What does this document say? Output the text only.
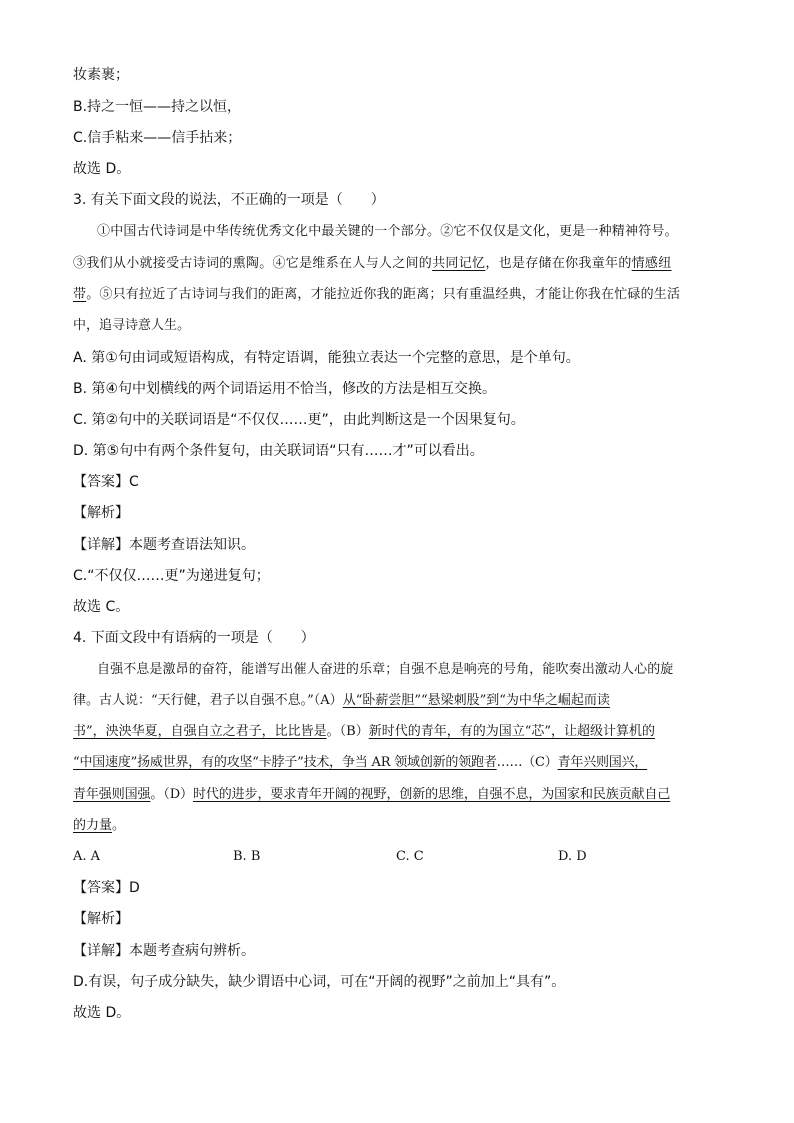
妆素裹；
B.持之一恒——持之以恒，
C.信手粘来——信手拈来；
故选 D。
3. 有关下面文段的说法，不正确的一项是（　　）
①中国古代诗词是中华传统优秀文化中最关键的一个部分。②它不仅仅是文化，更是一种精神符号。
③我们从小就接受古诗词的熏陶。④它是维系在人与人之间的共同记忆，也是存储在你我童年的情感纽
带。⑤只有拉近了古诗词与我们的距离，才能拉近你我的距离；只有重温经典，才能让你我在忙碌的生活
中，追寻诗意人生。
A. 第①句由词或短语构成，有特定语调，能独立表达一个完整的意思，是个单句。
B. 第④句中划横线的两个词语运用不恰当，修改的方法是相互交换。
C. 第②句中的关联词语是“不仅仅……更”，由此判断这是一个因果复句。
D. 第⑤句中有两个条件复句，由关联词语“只有……才”可以看出。
【答案】C
【解析】
【详解】本题考查语法知识。
C.“不仅仅……更”为递进复句；
故选 C。
4. 下面文段中有语病的一项是（　　）
自强不息是激昂的奋符，能谱写出催人奋进的乐章；自强不息是响亮的号角，能吹奏出激动人心的旋
律。古人说：“天行健，君子以自强不息。”（A）从“卧薪尝胆”“悬梁刺股”到“为中华之崛起而读
书”，泱泱华夏，自强自立之君子，比比皆是。（B）新时代的青年，有的为国立“芯”，让超级计算机的
“中国速度”扬威世界，有的攻坚“卡脖子”技术，争当 AR 领域创新的领跑者……（C）青年兴则国兴，
青年强则国强。（D）时代的进步，要求青年开阔的视野，创新的思维，自强不息，为国家和民族贡献自己
的力量。
A. A	B. B	C. C	D. D
【答案】D
【解析】
【详解】本题考查病句辨析。
D.有误，句子成分缺失，缺少谓语中心词，可在“开阔的视野”之前加上“具有”。
故选 D。
